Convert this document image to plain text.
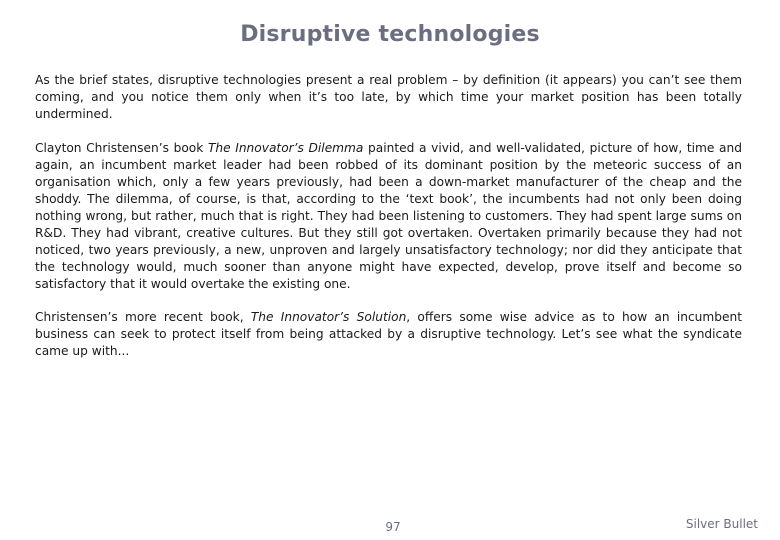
Disruptive technologies

As the brief states, disruptive technologies present a real problem – by definition (it appears) you can’t see them coming, and you notice them only when it’s too late, by which time your market position has been totally undermined.

Clayton Christensen’s book The Innovator’s Dilemma painted a vivid, and well-validated, picture of how, time and again, an incumbent market leader had been robbed of its dominant position by the meteoric success of an organisation which, only a few years previously, had been a down-market manufacturer of the cheap and the shoddy. The dilemma, of course, is that, according to the ‘text book’, the incumbents had not only been doing nothing wrong, but rather, much that is right. They had been listening to customers. They had spent large sums on R&D. They had vibrant, creative cultures. But they still got overtaken. Overtaken primarily because they had not noticed, two years previously, a new, unproven and largely unsatisfactory technology; nor did they anticipate that the technology would, much sooner than anyone might have expected, develop, prove itself and become so satisfactory that it would overtake the existing one.

Christensen’s more recent book, The Innovator’s Solution, offers some wise advice as to how an incumbent business can seek to protect itself from being attacked by a disruptive technology. Let’s see what the syndicate came up with...

97	Silver Bullet
